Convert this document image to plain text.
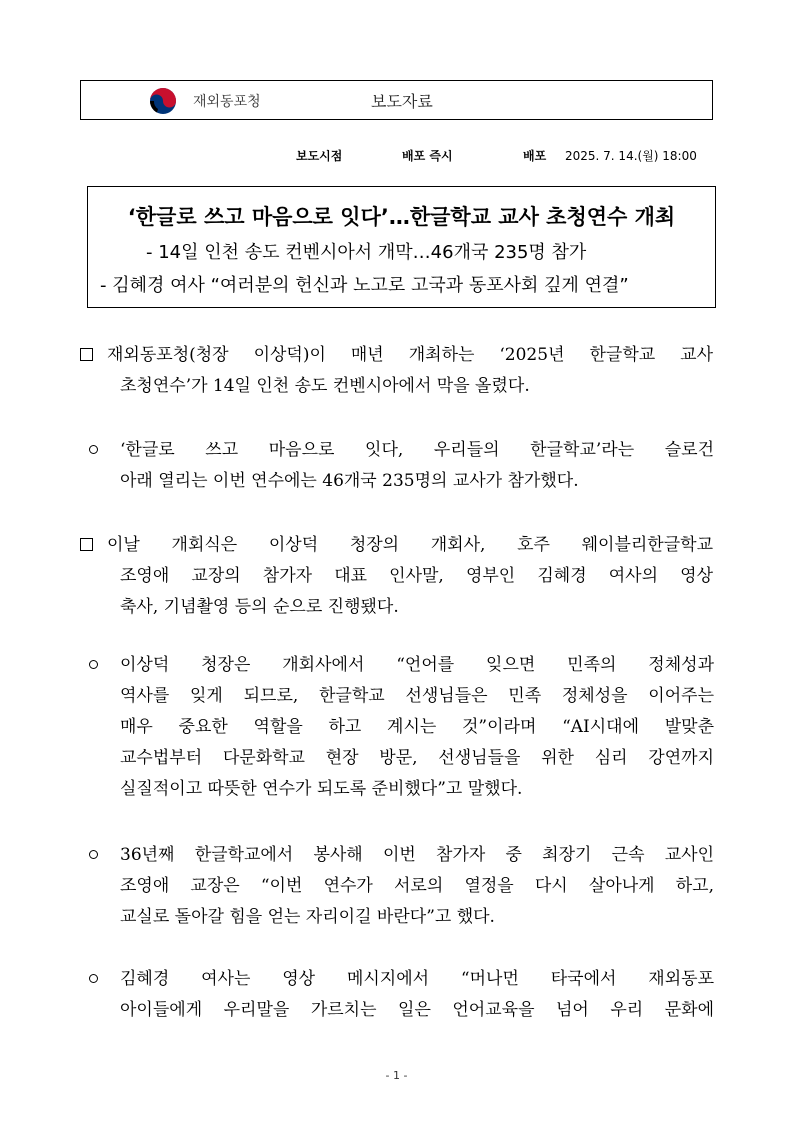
재외동포청	보도자료
보도시점	배포 즉시	배포 2025. 7. 14.(월) 18:00
‘한글로 쓰고 마음으로 잇다’…한글학교 교사 초청연수 개최
- 14일 인천 송도 컨벤시아서 개막…46개국 235명 참가
- 김혜경 여사 “여러분의 헌신과 노고로 고국과 동포사회 깊게 연결”
재외동포청(청장 이상덕)이 매년 개최하는 ‘2025년 한글학교 교사
초청연수’가 14일 인천 송도 컨벤시아에서 막을 올렸다.
‘한글로 쓰고 마음으로 잇다, 우리들의 한글학교’라는 슬로건
아래 열리는 이번 연수에는 46개국 235명의 교사가 참가했다.
이날 개회식은 이상덕 청장의 개회사, 호주 웨이블리한글학교
조영애 교장의 참가자 대표 인사말, 영부인 김혜경 여사의 영상
축사, 기념촬영 등의 순으로 진행됐다.
이상덕 청장은 개회사에서 “언어를 잊으면 민족의 정체성과
역사를 잊게 되므로, 한글학교 선생님들은 민족 정체성을 이어주는
매우 중요한 역할을 하고 계시는 것”이라며 “AI시대에 발맞춘
교수법부터 다문화학교 현장 방문, 선생님들을 위한 심리 강연까지
실질적이고 따뜻한 연수가 되도록 준비했다”고 말했다.
36년째 한글학교에서 봉사해 이번 참가자 중 최장기 근속 교사인
조영애 교장은 “이번 연수가 서로의 열정을 다시 살아나게 하고,
교실로 돌아갈 힘을 얻는 자리이길 바란다”고 했다.
김혜경 여사는 영상 메시지에서 “머나먼 타국에서 재외동포
아이들에게 우리말을 가르치는 일은 언어교육을 넘어 우리 문화에
- 1 -
